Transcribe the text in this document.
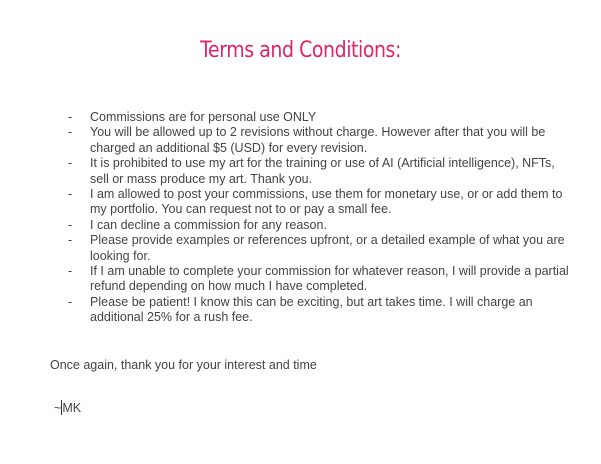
Terms and Conditions:
- Commissions are for personal use ONLY
- You will be allowed up to 2 revisions without charge. However after that you will be charged an additional $5 (USD) for every revision.
- It is prohibited to use my art for the training or use of AI (Artificial intelligence), NFTs, sell or mass produce my art. Thank you.
- I am allowed to post your commissions, use them for monetary use, or or add them to my portfolio. You can request not to or pay a small fee.
- I can decline a commission for any reason.
- Please provide examples or references upfront, or a detailed example of what you are looking for.
- If I am unable to complete your commission for whatever reason, I will provide a partial refund depending on how much I have completed.
- Please be patient! I know this can be exciting, but art takes time. I will charge an additional 25% for a rush fee.
Once again, thank you for your interest and time
~MK
